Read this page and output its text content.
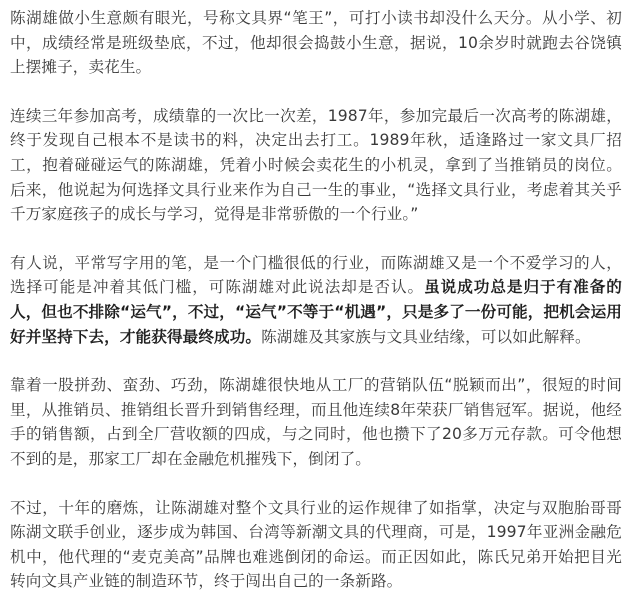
陈湖雄做小生意颇有眼光，号称文具界“笔王”，可打小读书却没什么天分。从小学、初中，成绩经常是班级垫底，不过，他却很会捣鼓小生意，据说，10余岁时就跑去谷饶镇上摆摊子，卖花生。

连续三年参加高考，成绩靠的一次比一次差，1987年，参加完最后一次高考的陈湖雄，终于发现自己根本不是读书的料，决定出去打工。1989年秋，适逢路过一家文具厂招工，抱着碰碰运气的陈湖雄，凭着小时候会卖花生的小机灵，拿到了当推销员的岗位。后来，他说起为何选择文具行业来作为自己一生的事业，“选择文具行业，考虑着其关乎千万家庭孩子的成长与学习，觉得是非常骄傲的一个行业。”

有人说，平常写字用的笔，是一个门槛很低的行业，而陈湖雄又是一个不爱学习的人，选择可能是冲着其低门槛，可陈湖雄对此说法却是否认。虽说成功总是归于有准备的人，但也不排除“运气”，不过，“运气”不等于“机遇”，只是多了一份可能，把机会运用好并坚持下去，才能获得最终成功。陈湖雄及其家族与文具业结缘，可以如此解释。

靠着一股拼劲、蛮劲、巧劲，陈湖雄很快地从工厂的营销队伍“脱颖而出”，很短的时间里，从推销员、推销组长晋升到销售经理，而且他连续8年荣获厂销售冠军。据说，他经手的销售额，占到全厂营收额的四成，与之同时，他也攒下了20多万元存款。可令他想不到的是，那家工厂却在金融危机摧残下，倒闭了。

不过，十年的磨炼，让陈湖雄对整个文具行业的运作规律了如指掌，决定与双胞胎哥哥陈湖文联手创业，逐步成为韩国、台湾等新潮文具的代理商，可是，1997年亚洲金融危机中，他代理的“麦克美高”品牌也难逃倒闭的命运。而正因如此，陈氏兄弟开始把目光转向文具产业链的制造环节，终于闯出自己的一条新路。
